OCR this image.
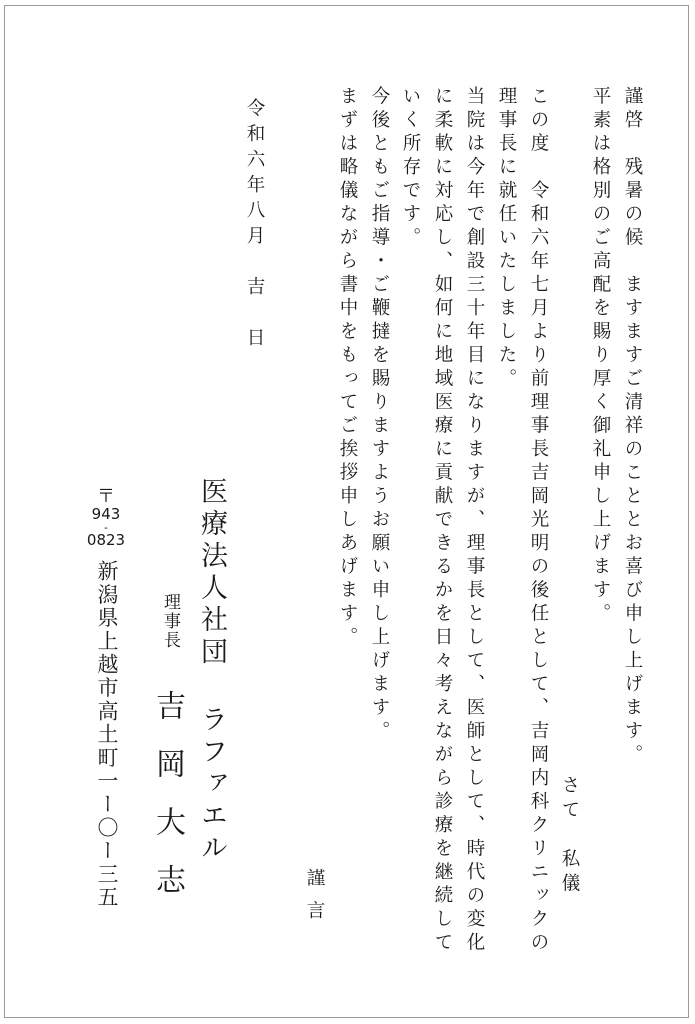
謹啓　残暑の候　ますますご清祥のこととお喜び申し上げます。
平素は格別のご高配を賜り厚く御礼申し上げます。
さて　私儀
この度　令和六年七月より前理事長吉岡光明の後任として、吉岡内科クリニックの
理事長に就任いたしました。
当院は今年で創設三十年目になりますが、理事長として、医師として、時代の変化
に柔軟に対応し、如何に地域医療に貢献できるかを日々考えながら診療を継続して
いく所存です。
今後ともご指導・ご鞭撻を賜りますようお願い申し上げます。
まずは略儀ながら書中をもってご挨拶申しあげます。
謹言
令和六年八月　吉　日
医療法人社団 ラファエル
理事長
吉岡大志
〒
943
-
0823
新潟県上越市高土町一ー〇ー三五
